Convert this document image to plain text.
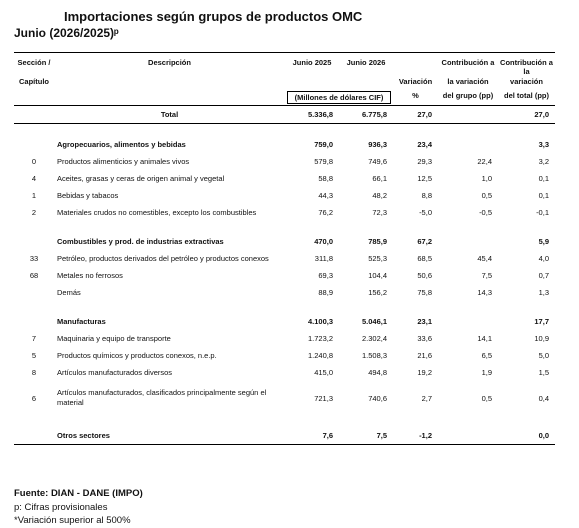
Importaciones según grupos de productos OMC
Junio (2026/2025)ᵖ
Sección /	Descripción	Junio 2025	Junio 2026		Contribución a	Contribución a la
Capítulo				Variación	la variación	variación

		(Millones de dólares CIF)		%	del grupo (pp)	del total (pp)
	Total	5.336,8	6.775,8	27,0		27,0

	Agropecuarios, alimentos y bebidas	759,0	936,3	23,4		3,3
0	Productos alimenticios y animales vivos	579,8	749,6	29,3	22,4	3,2
4	Aceites, grasas y ceras de origen animal y vegetal	58,8	66,1	12,5	1,0	0,1
1	Bebidas y tabacos	44,3	48,2	8,8	0,5	0,1
2	Materiales crudos no comestibles, excepto los combustibles	76,2	72,3	-5,0	-0,5	-0,1

	Combustibles y prod. de industrias extractivas	470,0	785,9	67,2		5,9
33	Petróleo, productos derivados del petróleo y productos conexos	311,8	525,3	68,5	45,4	4,0
68	Metales no ferrosos	69,3	104,4	50,6	7,5	0,7
	Demás	88,9	156,2	75,8	14,3	1,3

	Manufacturas	4.100,3	5.046,1	23,1		17,7
7	Maquinaria y equipo de transporte	1.723,2	2.302,4	33,6	14,1	10,9
5	Productos químicos y productos conexos, n.e.p.	1.240,8	1.508,3	21,6	6,5	5,0
8	Artículos manufacturados diversos	415,0	494,8	19,2	1,9	1,5
6	Artículos manufacturados, clasificados principalmente según el material	721,3	740,6	2,7	0,5	0,4

	Otros sectores	7,6	7,5	-1,2		0,0
Fuente: DIAN - DANE (IMPO)
p: Cifras provisionales
*Variación superior al 500%
